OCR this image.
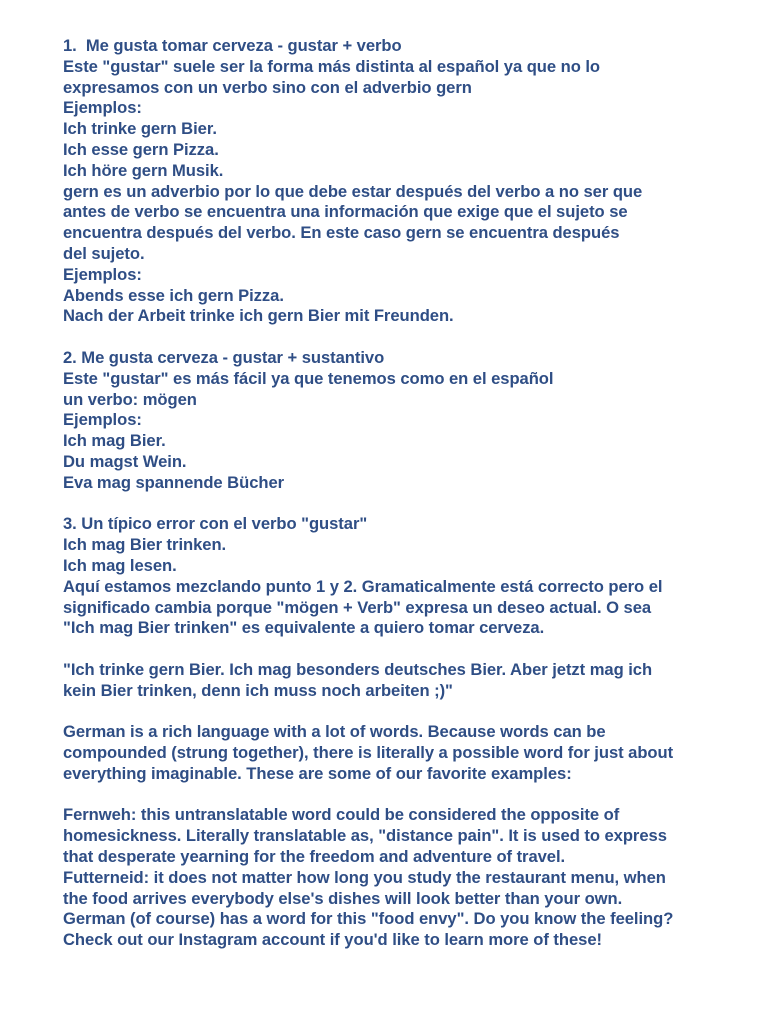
1.  Me gusta tomar cerveza - gustar + verbo
Este "gustar" suele ser la forma más distinta al español ya que no lo
expresamos con un verbo sino con el adverbio gern
Ejemplos:
Ich trinke gern Bier.
Ich esse gern Pizza.
Ich höre gern Musik.
gern es un adverbio por lo que debe estar después del verbo a no ser que
antes de verbo se encuentra una información que exige que el sujeto se
encuentra después del verbo. En este caso gern se encuentra después
del sujeto.
Ejemplos:
Abends esse ich gern Pizza.
Nach der Arbeit trinke ich gern Bier mit Freunden.
2. Me gusta cerveza - gustar + sustantivo
Este "gustar" es más fácil ya que tenemos como en el español
un verbo: mögen
Ejemplos:
Ich mag Bier.
Du magst Wein.
Eva mag spannende Bücher
3. Un típico error con el verbo "gustar"
Ich mag Bier trinken.
Ich mag lesen.
Aquí estamos mezclando punto 1 y 2. Gramaticalmente está correcto pero el
significado cambia porque "mögen + Verb" expresa un deseo actual. O sea
"Ich mag Bier trinken" es equivalente a quiero tomar cerveza.
"Ich trinke gern Bier. Ich mag besonders deutsches Bier. Aber jetzt mag ich
kein Bier trinken, denn ich muss noch arbeiten ;)"
German is a rich language with a lot of words. Because words can be
compounded (strung together), there is literally a possible word for just about
everything imaginable. These are some of our favorite examples:
Fernweh: this untranslatable word could be considered the opposite of
homesickness. Literally translatable as, "distance pain". It is used to express
that desperate yearning for the freedom and adventure of travel.
Futterneid: it does not matter how long you study the restaurant menu, when
the food arrives everybody else's dishes will look better than your own.
German (of course) has a word for this "food envy". Do you know the feeling?
Check out our Instagram account if you'd like to learn more of these!
